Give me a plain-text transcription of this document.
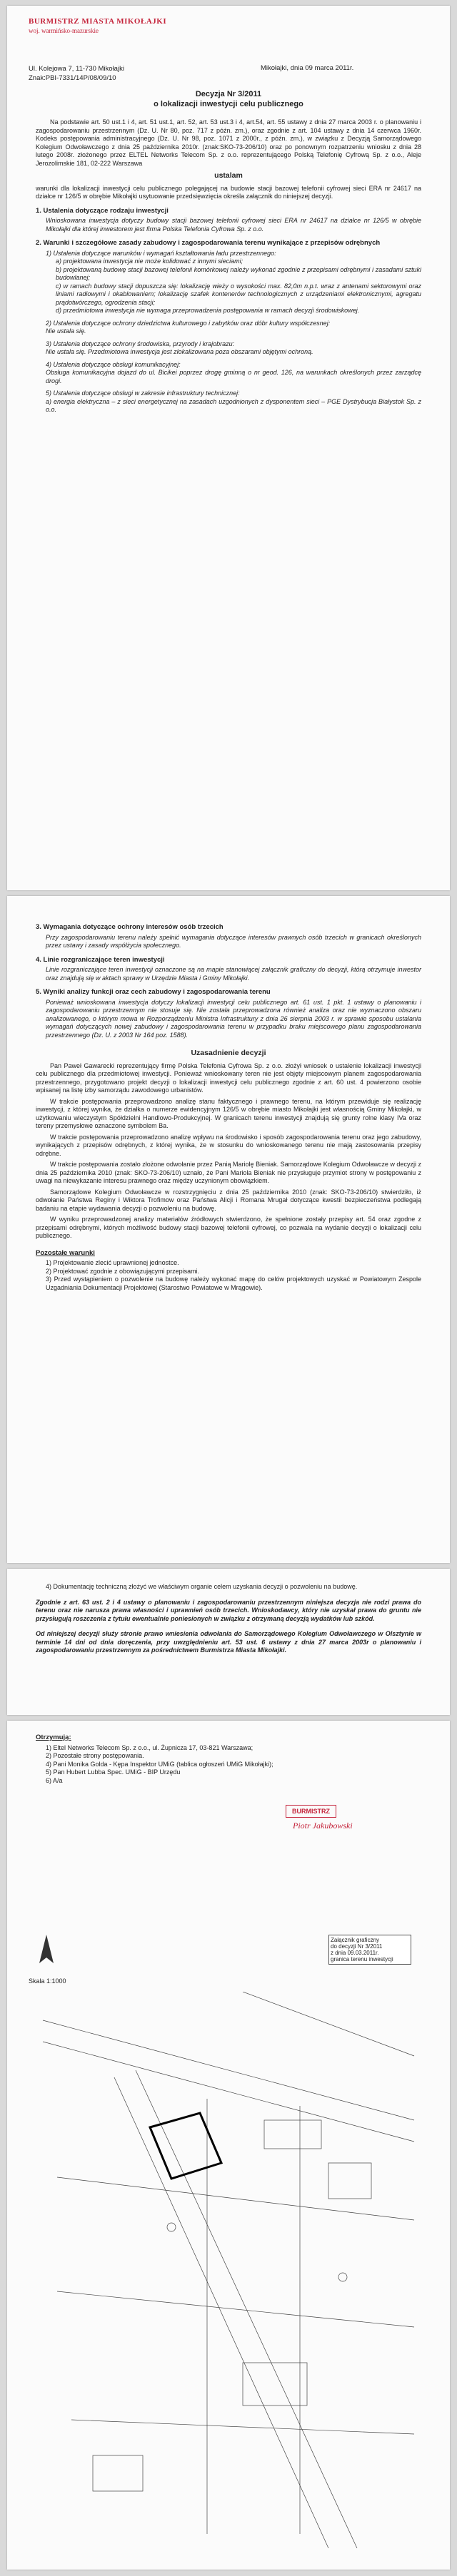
BURMISTRZ MIASTA MIKOŁAJKI
woj. warmińsko-mazurskie
Ul. Kolejowa 7, 11-730 Mikołajki
Znak:PBI-7331/14P/08/09/10
Mikołajki, dnia 09 marca 2011r.
Decyzja Nr 3/2011
o lokalizacji inwestycji celu publicznego
Na podstawie art. 50 ust.1 i 4, art. 51 ust.1, art. 52, art. 53 ust.3 i 4, art.54, art. 55 ustawy z dnia 27 marca 2003 r. o planowaniu i zagospodarowaniu przestrzennym (Dz. U. Nr 80, poz. 717 z późn. zm.), oraz zgodnie z art. 104 ustawy z dnia 14 czerwca 1960r. Kodeks postępowania administracyjnego (Dz. U. Nr 98, poz. 1071 z 2000r., z późn. zm.), w związku z Decyzją Samorządowego Kolegium Odwoławczego z dnia 25 października 2010r. (znak:SKO-73-206/10) oraz po ponownym rozpatrzeniu wniosku z dnia 28 lutego 2008r. złożonego przez ELTEL Networks Telecom Sp. z o.o. reprezentującego Polską Telefonię Cyfrową Sp. z o.o., Aleje Jerozolimskie 181, 02-222 Warszawa
ustalam
warunki dla lokalizacji inwestycji celu publicznego polegającej na budowie stacji bazowej telefonii cyfrowej sieci ERA nr 24617 na działce nr 126/5 w obrębie Mikołajki usytuowanie przedsięwzięcia określa załącznik do niniejszej decyzji.
1. Ustalenia dotyczące rodzaju inwestycji
Wnioskowana inwestycja dotyczy budowy stacji bazowej telefonii cyfrowej sieci ERA nr 24617 na działce nr 126/5 w obrębie Mikołajki dla której inwestorem jest firma Polska Telefonia Cyfrowa Sp. z o.o.
2. Warunki i szczegółowe zasady zabudowy i zagospodarowania terenu wynikające z przepisów odrębnych
1) Ustalenia dotyczące warunków i wymagań kształtowania ładu przestrzennego:
a) projektowana inwestycja nie może kolidować z innymi sieciami;
b) projektowaną budowę stacji bazowej telefonii komórkowej należy wykonać zgodnie z przepisami odrębnymi i zasadami sztuki budowlanej;
c) w ramach budowy stacji dopuszcza się: lokalizację wieży o wysokości max. 82,0m n.p.t. wraz z antenami sektorowymi oraz liniami radiowymi i okablowaniem; lokalizację szafek kontenerów technologicznych z urządzeniami elektronicznymi, agregatu prądotwórczego, ogrodzenia stacji;
d) przedmiotowa inwestycja nie wymaga przeprowadzenia postępowania w ramach decyzji środowiskowej.
2) Ustalenia dotyczące ochrony dziedzictwa kulturowego i zabytków oraz dóbr kultury współczesnej:
Nie ustala się.
3) Ustalenia dotyczące ochrony środowiska, przyrody i krajobrazu:
Nie ustala się. Przedmiotowa inwestycja jest zlokalizowana poza obszarami objętymi ochroną.
4) Ustalenia dotyczące obsługi komunikacyjnej:
Obsługa komunikacyjna dojazd do ul. Bicikei poprzez drogę gminną o nr geod. 126, na warunkach określonych przez zarządcę drogi.
5) Ustalenia dotyczące obsługi w zakresie infrastruktury technicznej:
a) energia elektryczna – z sieci energetycznej na zasadach uzgodnionych z dysponentem sieci – PGE Dystrybucja Białystok Sp. z o.o.
3. Wymagania dotyczące ochrony interesów osób trzecich
Przy zagospodarowaniu terenu należy spełnić wymagania dotyczące interesów prawnych osób trzecich w granicach określonych przez ustawy i zasady współżycia społecznego.
4. Linie rozgraniczające teren inwestycji
Linie rozgraniczające teren inwestycji oznaczone są na mapie stanowiącej załącznik graficzny do decyzji, którą otrzymuje inwestor oraz znajdują się w aktach sprawy w Urzędzie Miasta i Gminy Mikołajki.
5. Wyniki analizy funkcji oraz cech zabudowy i zagospodarowania terenu
Ponieważ wnioskowana inwestycja dotyczy lokalizacji inwestycji celu publicznego art. 61 ust. 1 pkt. 1 ustawy o planowaniu i zagospodarowaniu przestrzennym nie stosuje się. Nie została przeprowadzona również analiza oraz nie wyznaczono obszaru analizowanego, o którym mowa w Rozporządzeniu Ministra Infrastruktury z dnia 26 sierpnia 2003 r. w sprawie sposobu ustalania wymagań dotyczących nowej zabudowy i zagospodarowania terenu w przypadku braku miejscowego planu zagospodarowania przestrzennego (Dz. U. z 2003 Nr 164 poz. 1588).
Uzasadnienie decyzji
Pan Paweł Gawarecki reprezentujący firmę Polska Telefonia Cyfrowa Sp. z o.o. złożył wniosek o ustalenie lokalizacji inwestycji celu publicznego dla przedmiotowej inwestycji. Ponieważ wnioskowany teren nie jest objęty miejscowym planem zagospodarowania przestrzennego, przygotowano projekt decyzji o lokalizacji inwestycji celu publicznego zgodnie z art. 60 ust. 4 powierzono osobie wpisanej na listę izby samorządu zawodowego urbanistów.
W trakcie postępowania przeprowadzono analizę stanu faktycznego i prawnego terenu, na którym przewiduje się realizację inwestycji, z której wynika, że działka o numerze ewidencyjnym 126/5 w obrębie miasto Mikołajki jest własnością Gminy Mikołajki, w użytkowaniu wieczystym Spółdzielni Handlowo-Produkcyjnej. W granicach terenu inwestycji znajdują się grunty rolne klasy IVa oraz tereny przemysłowe oznaczone symbolem Ba.
W trakcie postępowania przeprowadzono analizę wpływu na środowisko i sposób zagospodarowania terenu oraz jego zabudowy, wynikających z przepisów odrębnych, z której wynika, że w stosunku do wnioskowanego terenu nie mają zastosowania przepisy odrębne.
W trakcie postępowania zostało złożone odwołanie przez Panią Mariolę Bieniak. Samorządowe Kolegium Odwoławcze w decyzji z dnia 25 października 2010 (znak: SKO-73-206/10) uznało, że Pani Mariola Bieniak nie przysługuje przymiot strony w postępowaniu z uwagi na niewykazanie interesu prawnego oraz między uczynionym obowiązkiem.
Samorządowe Kolegium Odwoławcze w rozstrzygnięciu z dnia 25 października 2010 (znak: SKO-73-206/10) stwierdziło, iż odwołanie Państwa Reginy i Wiktora Trofimow oraz Państwa Alicji i Romana Mrugał dotyczące kwestii bezpieczeństwa podlegają badaniu na etapie wydawania decyzji o pozwoleniu na budowę.
W wyniku przeprowadzonej analizy materiałów źródłowych stwierdzono, że spełnione zostały przepisy art. 54 oraz zgodne z przepisami odrębnymi, których możliwość budowy stacji bazowej telefonii cyfrowej, co pozwala na wydanie decyzji o lokalizacji celu publicznego.
Pozostałe warunki
1) Projektowanie zlecić uprawnionej jednostce.
2) Projektować zgodnie z obowiązującymi przepisami.
3) Przed wystąpieniem o pozwolenie na budowę należy wykonać mapę do celów projektowych uzyskać w Powiatowym Zespole Uzgadniania Dokumentacji Projektowej (Starostwo Powiatowe w Mrągowie).
4) Dokumentację techniczną złożyć we właściwym organie celem uzyskania decyzji o pozwoleniu na budowę.
Zgodnie z art. 63 ust. 2 i 4 ustawy o planowaniu i zagospodarowaniu przestrzennym niniejsza decyzja nie rodzi prawa do terenu oraz nie narusza prawa własności i uprawnień osób trzecich. Wnioskodawcy, który nie uzyskał prawa do gruntu nie przysługują roszczenia z tytułu ewentualnie poniesionych w związku z otrzymaną decyzją wydatków lub szkód.
Od niniejszej decyzji służy stronie prawo wniesienia odwołania do Samorządowego Kolegium Odwoławczego w Olsztynie w terminie 14 dni od dnia doręczenia, przy uwzględnieniu art. 53 ust. 6 ustawy z dnia 27 marca 2003r o planowaniu i zagospodarowaniu przestrzennym za pośrednictwem Burmistrza Miasta Mikołajki.
Otrzymują:
1) Eltel Networks Telecom Sp. z o.o., ul. Żupnicza 17, 03-821 Warszawa;
2) Pozostałe strony postępowania.
4) Pani Monika Golda - Kępa Inspektor UMiG (tablica ogłoszeń UMiG Mikołajki);
5) Pan Hubert Lubba Spec. UMiG - BIP Urzędu
6) A/a
BURMISTRZ
Piotr Jakubowski
Skala 1:1000
Załącznik graficzny
do decyzji Nr 3/2011
z dnia 09.03.2011r.
granica terenu inwestycji
